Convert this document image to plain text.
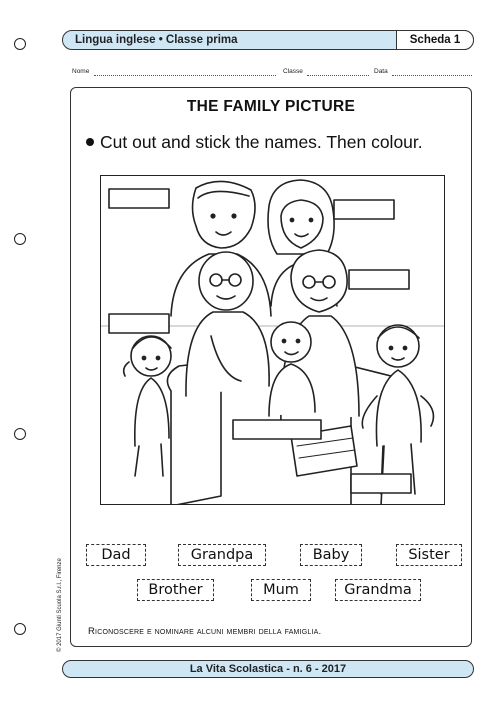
Lingua inglese • Classe prima	Scheda 1
Nome	Classe	Data
THE FAMILY PICTURE
Cut out and stick the names. Then colour.
Dad	Grandpa	Baby	Sister
Brother	Mum	Grandma
Riconoscere e nominare alcuni membri della famiglia.
© 2017 Giunti Scuola S.r.l., Firenze
La Vita Scolastica - n. 6 - 2017
